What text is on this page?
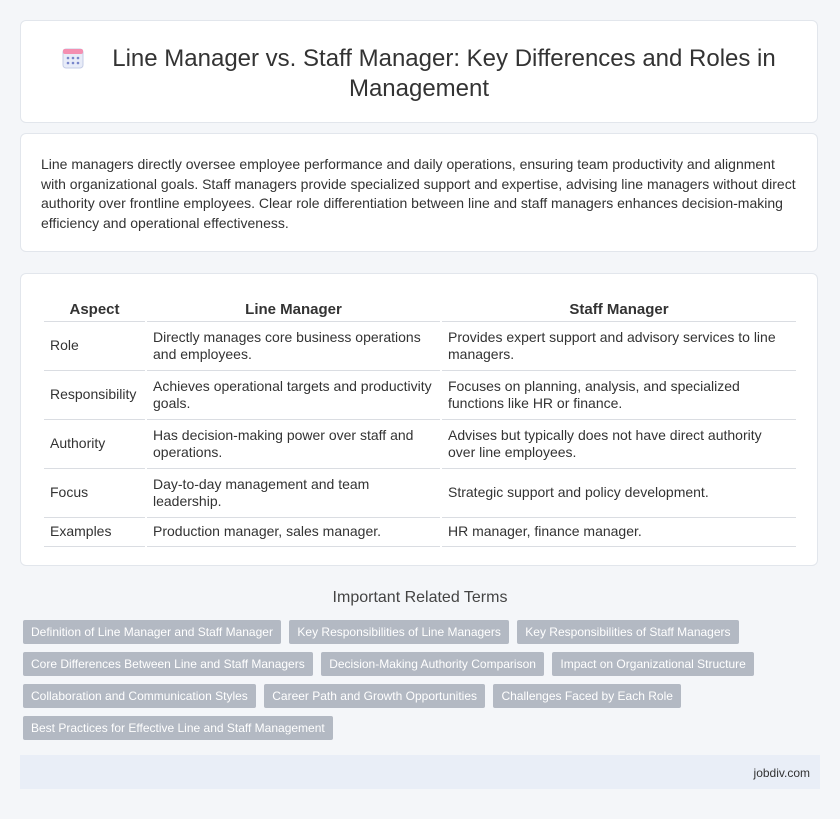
Line Manager vs. Staff Manager: Key Differences and Roles in Management

Line managers directly oversee employee performance and daily operations, ensuring team productivity and alignment with organizational goals. Staff managers provide specialized support and expertise, advising line managers without direct authority over frontline employees. Clear role differentiation between line and staff managers enhances decision-making efficiency and operational effectiveness.

Aspect	Line Manager	Staff Manager
Role	Directly manages core business operations and employees.	Provides expert support and advisory services to line managers.
Responsibility	Achieves operational targets and productivity goals.	Focuses on planning, analysis, and specialized functions like HR or finance.
Authority	Has decision-making power over staff and operations.	Advises but typically does not have direct authority over line employees.
Focus	Day-to-day management and team leadership.	Strategic support and policy development.
Examples	Production manager, sales manager.	HR manager, finance manager.
Important Related Terms
Definition of Line Manager and Staff Manager Key Responsibilities of Line Managers Key Responsibilities of Staff Managers Core Differences Between Line and Staff Managers Decision-Making Authority Comparison Impact on Organizational Structure Collaboration and Communication Styles Career Path and Growth Opportunities Challenges Faced by Each Role Best Practices for Effective Line and Staff Management
jobdiv.com
